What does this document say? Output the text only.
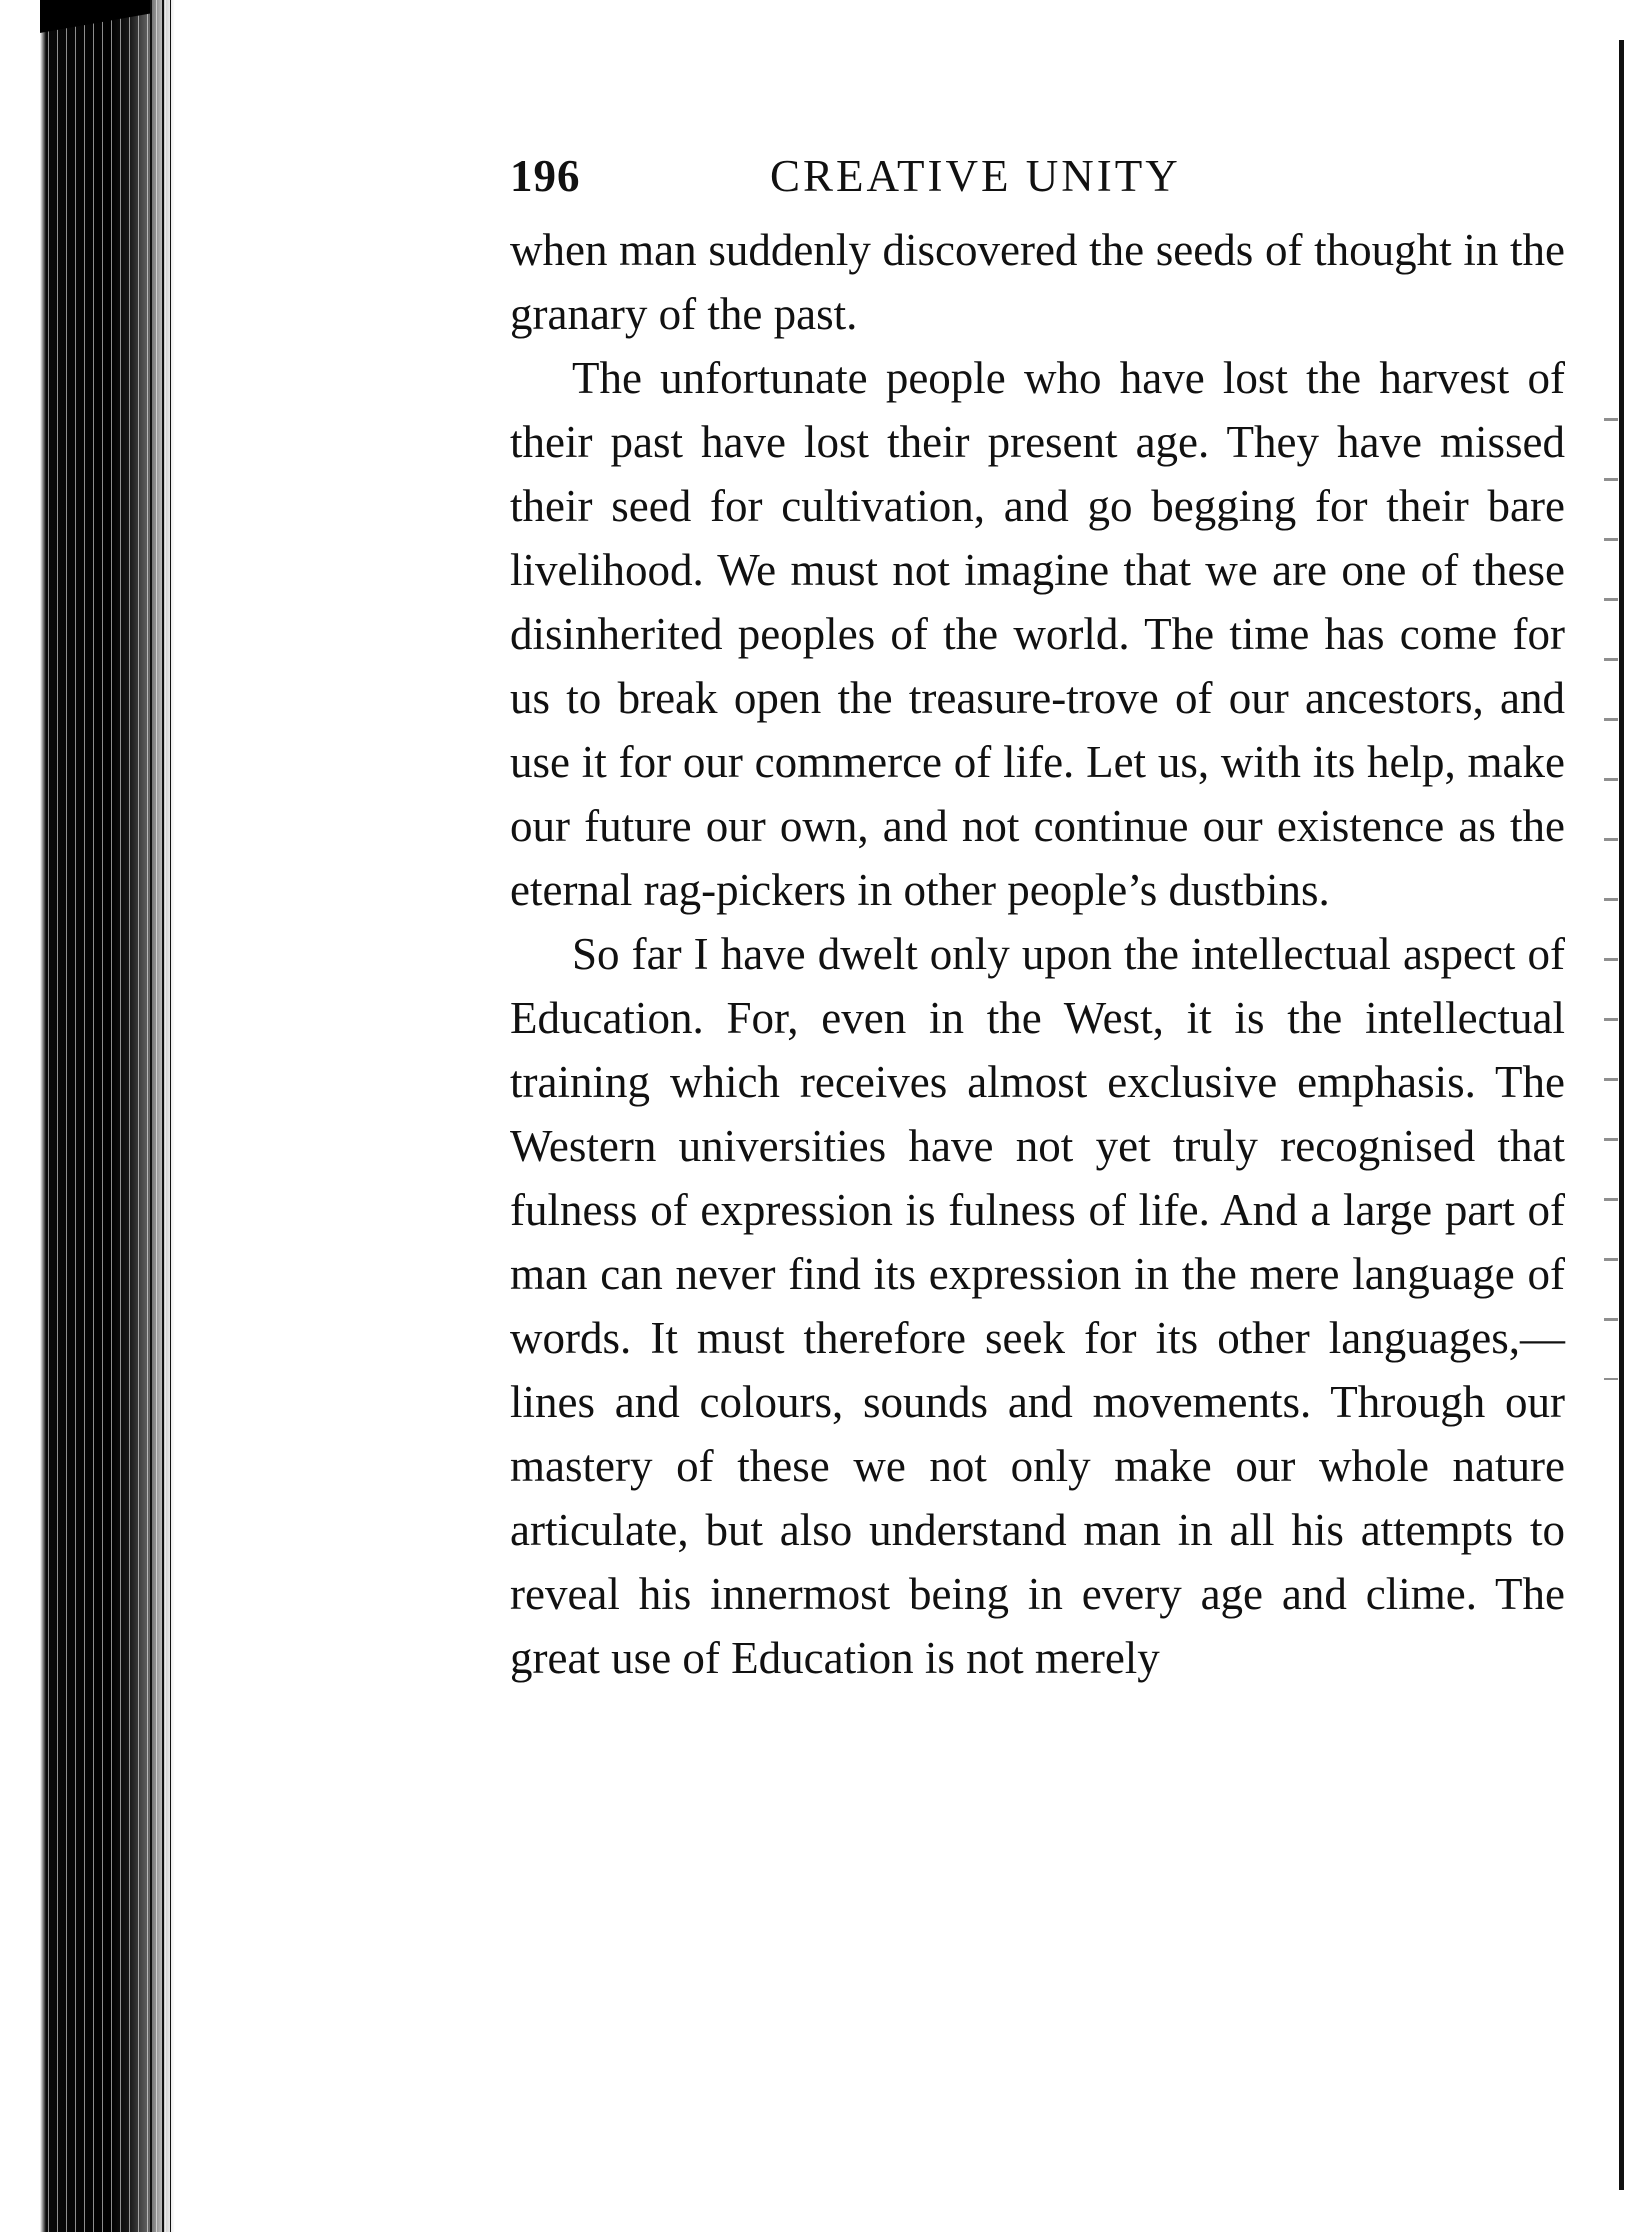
196	CREATIVE UNITY

when man suddenly discovered the seeds of thought in the granary of the past.

The unfortunate people who have lost the harvest of their past have lost their present age. They have missed their seed for cultivation, and go begging for their bare livelihood. We must not imagine that we are one of these disinherited peoples of the world. The time has come for us to break open the treasure-trove of our ancestors, and use it for our commerce of life. Let us, with its help, make our future our own, and not continue our existence as the eternal rag-pickers in other people’s dustbins.

So far I have dwelt only upon the intellectual aspect of Education. For, even in the West, it is the intellectual training which receives almost exclusive emphasis. The Western universities have not yet truly recognised that fulness of expression is fulness of life. And a large part of man can never find its expression in the mere language of words. It must therefore seek for its other languages,—lines and colours, sounds and movements. Through our mastery of these we not only make our whole nature articulate, but also understand man in all his attempts to reveal his innermost being in every age and clime. The great use of Education is not merely
